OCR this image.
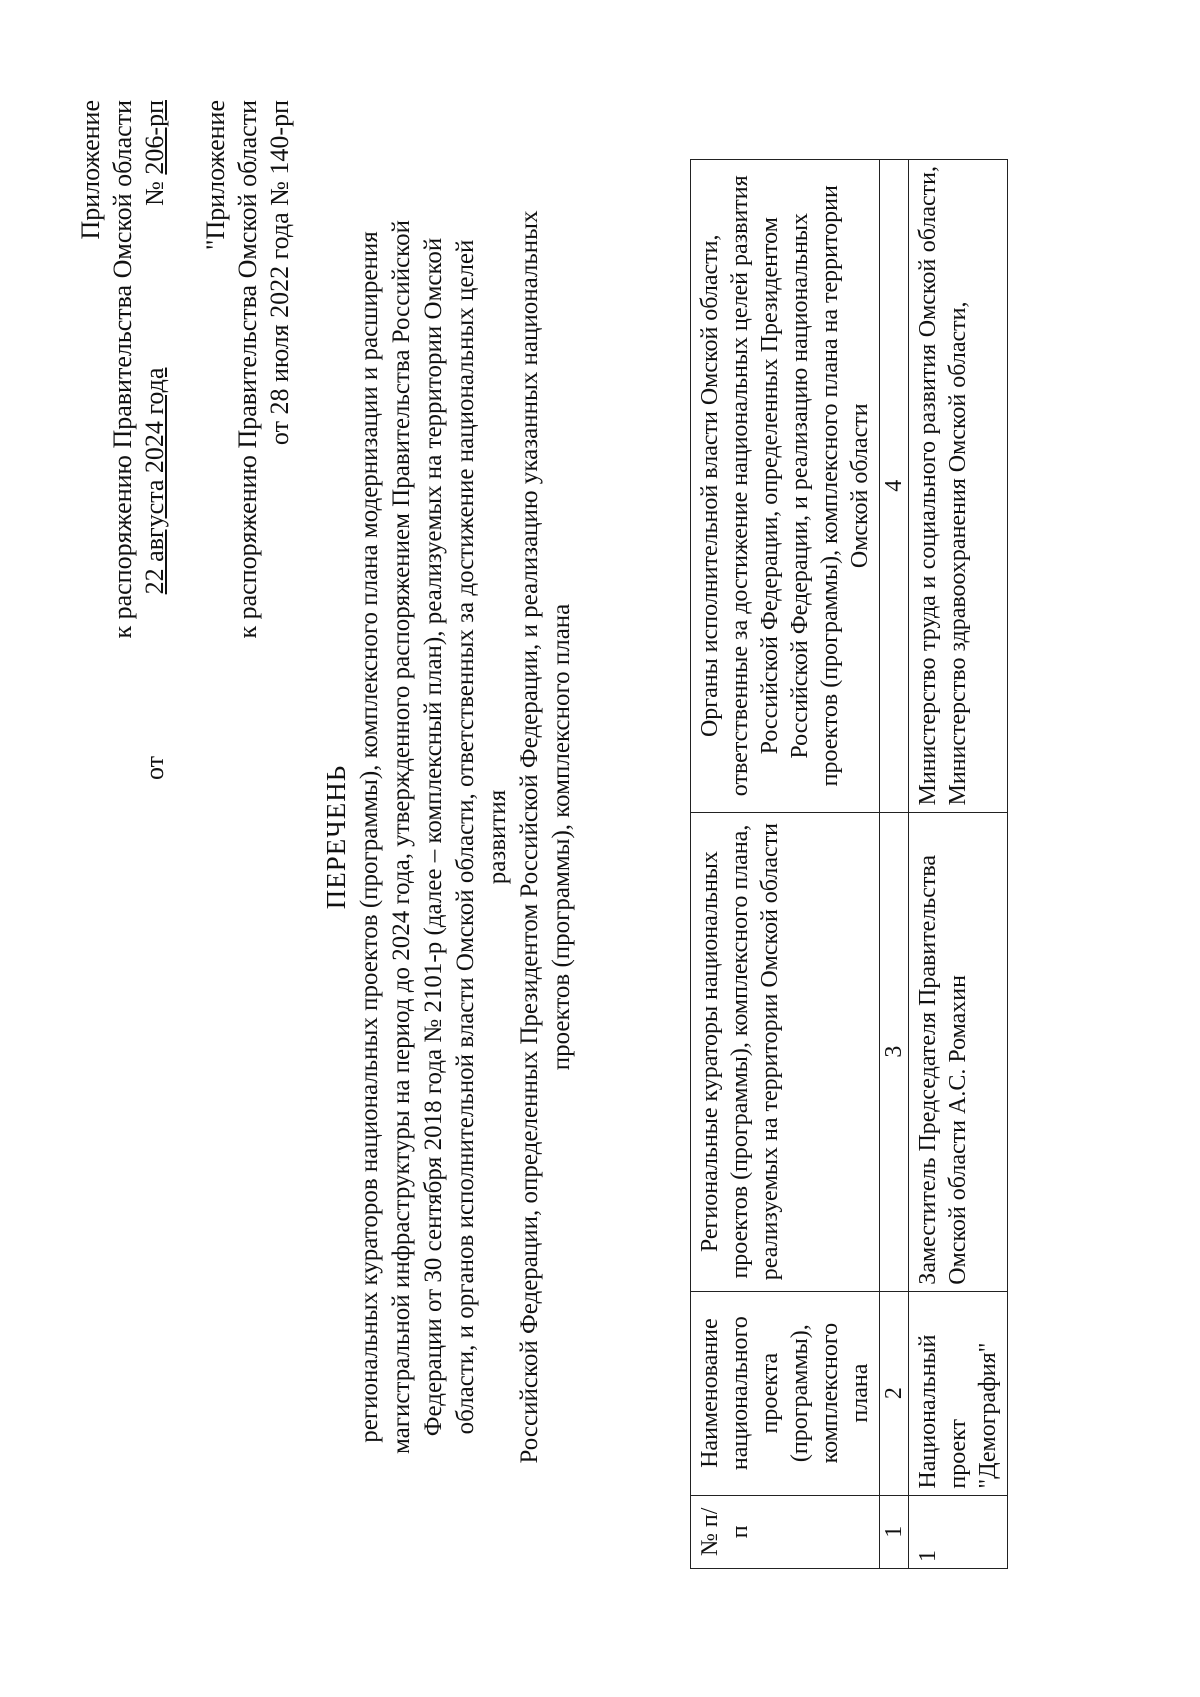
Приложение к распоряжению Правительства Омской области
от
22 августа 2024 года
№ 206-рп "Приложение к распоряжению Правительства Омской области от 28 июля 2022 года № 140-рп
ПЕРЕЧЕНЬ региональных кураторов национальных проектов (программы), комплексного плана модернизации и расширения магистральной инфраструктуры на период до 2024 года, утвержденного распоряжением Правительства Российской Федерации от 30 сентября 2018 года № 2101-р (далее – комплексный план), реализуемых на территории Омской области, и органов исполнительной власти Омской области, ответственных за достижение национальных целей развития Российской Федерации, определенных Президентом Российской Федерации, и реализацию указанных национальных проектов (программы), комплексного плана
№ п/п	Наименование национального проекта (программы), комплексного плана	Региональные кураторы национальных проектов (программы), комплексного плана, реализуемых на территории Омской области	Органы исполнительной власти Омской области, ответственные за достижение национальных целей развития Российской Федерации, определенных Президентом Российской Федерации, и реализацию национальных проектов (программы), комплексного плана на территории Омской области
1	2	3	4
1	Национальный проект "Демография"	Заместитель Председателя Правительства Омской области А.С. Ромахин	Министерство труда и социального развития Омской области, Министерство здравоохранения Омской области,
